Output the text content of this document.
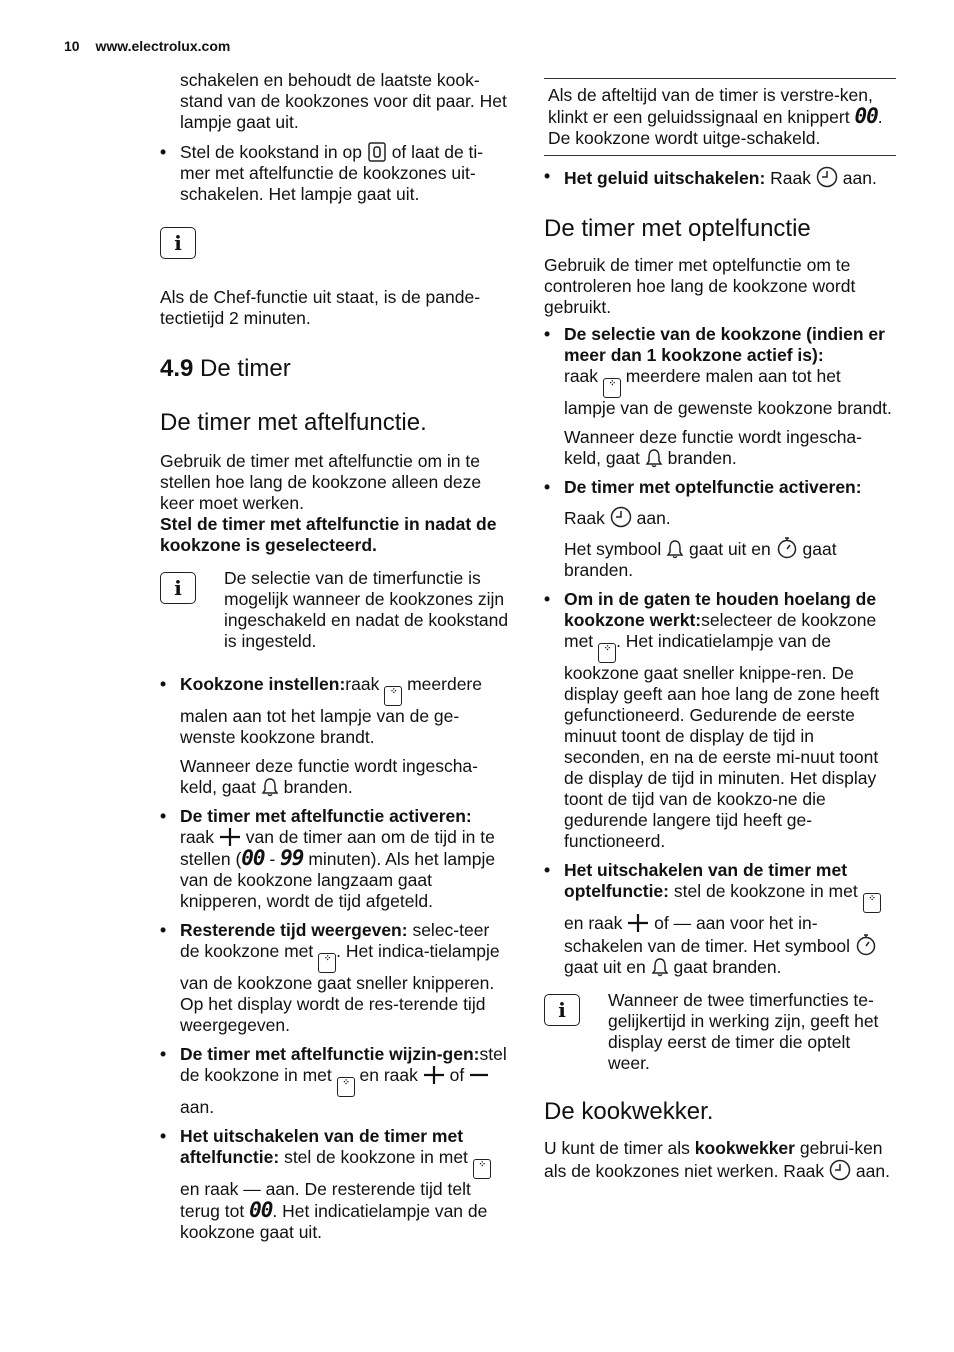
10 www.electrolux.com

schakelen en behoudt de laatste kook-stand van de kookzones voor dit paar. Het lampje gaat uit.

• Stel de kookstand in op of laat de ti-mer met aftelfunctie de kookzones uit-schakelen. Het lampje gaat uit.
i

Als de Chef-functie uit staat, is de pande-tectietijd 2 minuten.

4.9 De timer
De timer met aftelfunctie.

Gebruik de timer met aftelfunctie om in te stellen hoe lang de kookzone alleen deze keer moet werken.

Stel de timer met aftelfunctie in nadat de kookzone is geselecteerd.

i De selectie van de timerfunctie is mogelijk wanneer de kookzones zijn ingeschakeld en nadat de kookstand is ingesteld.

• Kookzone instellen:raak ⁘ meerdere malen aan tot het lampje van de ge-wenste kookzone brandt.
Wanneer deze functie wordt ingescha-keld, gaat branden.
• De timer met aftelfunctie activeren:
raak van de timer aan om de tijd in te stellen (00 - 99 minuten). Als het lampje van de kookzone langzaam gaat knipperen, wordt de tijd afgeteld.
• Resterende tijd weergeven: selec-teer de kookzone met ⁘ . Het indica-tielampje van de kookzone gaat sneller knipperen. Op het display wordt de res-terende tijd weergegeven.
• De timer met aftelfunctie wijzin-gen:stel de kookzone in met ⁘ en raak of  aan.
• Het uitschakelen van de timer met aftelfunctie: stel de kookzone in met ⁘ en raak — aan. De resterende tijd telt terug tot 00. Het indicatielampje van de kookzone gaat uit.

Als de afteltijd van de timer is verstre-ken, klinkt er een geluidssignaal en knippert 00. De kookzone wordt uitge-schakeld.

• Het geluid uitschakelen: Raak aan.
De timer met optelfunctie

Gebruik de timer met optelfunctie om te controleren hoe lang de kookzone wordt gebruikt.

• De selectie van de kookzone (indien er meer dan 1 kookzone actief is):
raak ⁘ meerdere malen aan tot het lampje van de gewenste kookzone brandt.
Wanneer deze functie wordt ingescha-keld, gaat branden.
• De timer met optelfunctie activeren:
Raak aan.
Het symbool gaat uit en gaat branden.
• Om in de gaten te houden hoelang de kookzone werkt:selecteer de kookzone met ⁘ . Het indicatielampje van de kookzone gaat sneller knippe-ren. De display geeft aan hoe lang de zone heeft gefunctioneerd. Gedurende de eerste minuut toont de display de tijd in seconden, en na de eerste mi-nuut toont de display de tijd in minuten. Het display toont de tijd van de kookzo-ne die gedurende langere tijd heeft ge-functioneerd.
• Het uitschakelen van de timer met optelfunctie: stel de kookzone in met ⁘ en raak of — aan voor het in-schakelen van de timer. Het symbool  gaat uit en gaat branden.
i Wanneer de twee timerfuncties te-gelijkertijd in werking zijn, geeft het display eerst de timer die optelt weer.

De kookwekker.

U kunt de timer als kookwekker gebrui-ken als de kookzones niet werken. Raak aan.
